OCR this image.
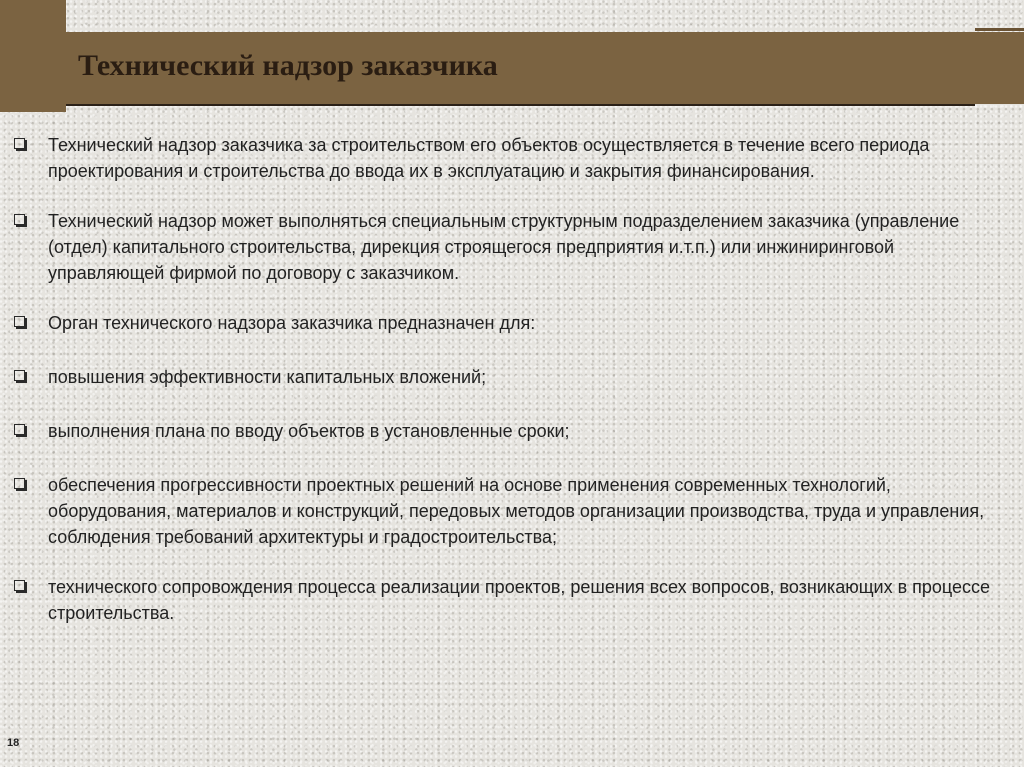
Технический надзор заказчика
Технический надзор заказчика за строительством его объектов осуществляется в течение всего периода проектирования и строительства до ввода их в эксплуатацию и закрытия финансирования.
Технический надзор может выполняться специальным структурным подразделением заказчика (управление (отдел) капитального строительства, дирекция строящегося предприятия и.т.п.) или инжиниринговой управляющей фирмой по договору с заказчиком.
Орган технического надзора заказчика предназначен для:
повышения эффективности капитальных вложений;
выполнения плана по вводу объектов в установленные сроки;
обеспечения прогрессивности проектных решений на основе применения современных технологий, оборудования, материалов и конструкций, передовых методов организации производства, труда и управления, соблюдения требований архитектуры и градостроительства;
технического сопровождения процесса реализации проектов, решения всех вопросов, возникающих в процессе строительства.
18
